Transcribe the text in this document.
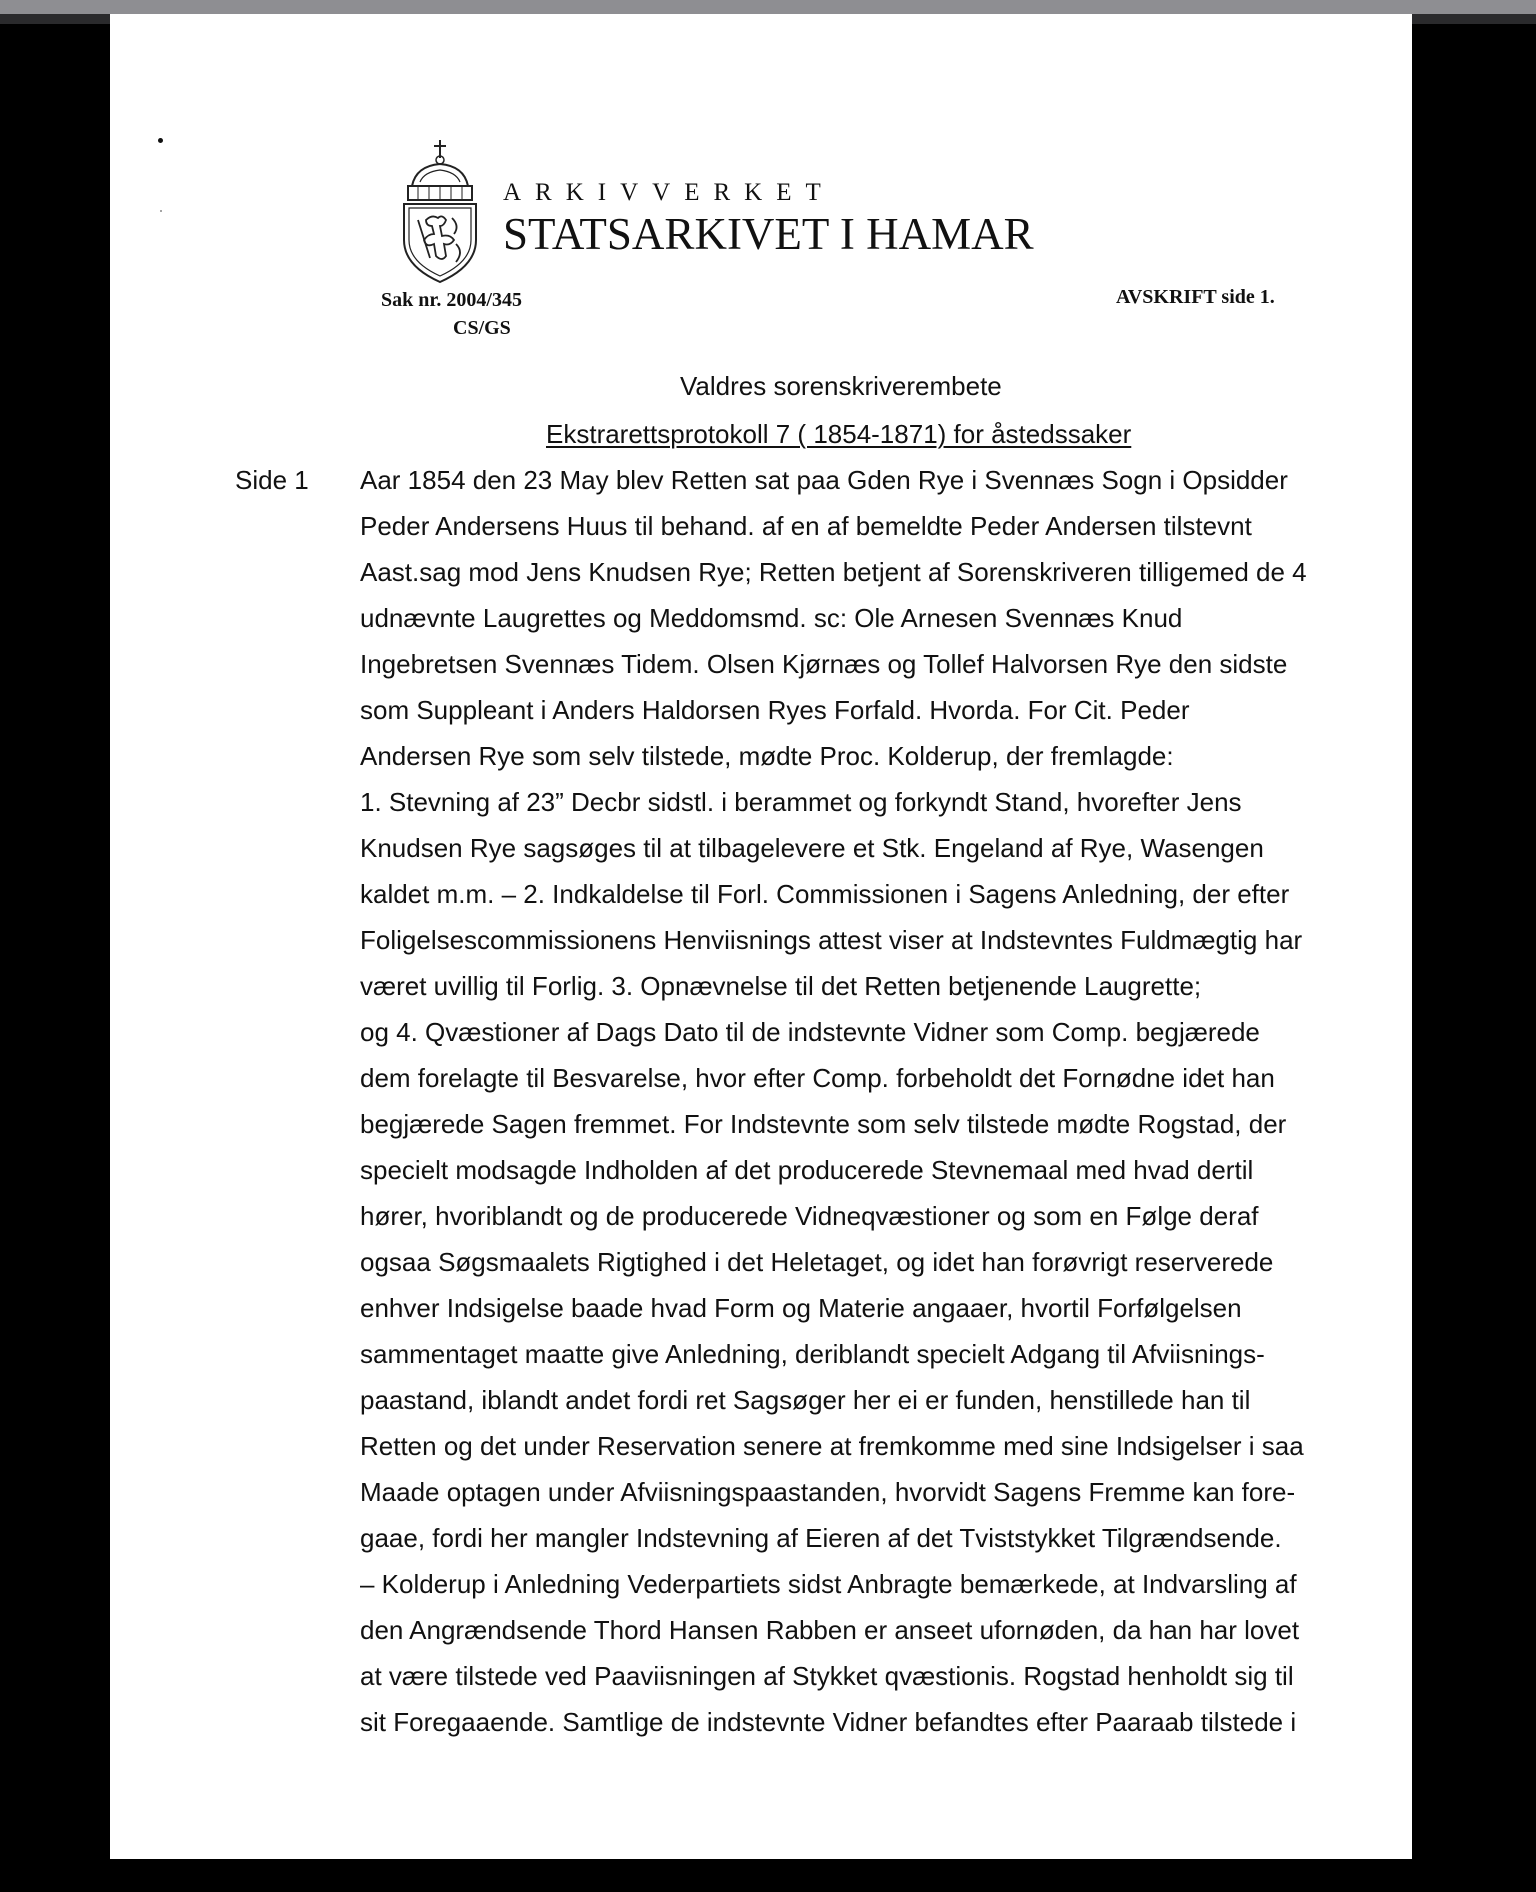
ARKIVVERKET
STATSARKIVET I HAMAR
Sak nr. 2004/345
CS/GS
AVSKRIFT side 1.
Valdres sorenskriverembete
Ekstrarettsprotokoll 7 ( 1854-1871) for åstedssaker
Side 1 Aar 1854 den 23 May blev Retten sat paa Gden Rye i Svennæs Sogn i Opsidder
Peder Andersens Huus til behand. af en af bemeldte Peder Andersen tilstevnt
Aast.sag mod Jens Knudsen Rye; Retten betjent af Sorenskriveren tilligemed de 4
udnævnte Laugrettes og Meddomsmd. sc: Ole Arnesen Svennæs Knud
Ingebretsen Svennæs Tidem. Olsen Kjørnæs og Tollef Halvorsen Rye den sidste
som Suppleant i Anders Haldorsen Ryes Forfald. Hvorda. For Cit. Peder
Andersen Rye som selv tilstede, mødte Proc. Kolderup, der fremlagde:
1. Stevning af 23” Decbr sidstl. i berammet og forkyndt Stand, hvorefter Jens
Knudsen Rye sagsøges til at tilbagelevere et Stk. Engeland af Rye, Wasengen
kaldet m.m. – 2. Indkaldelse til Forl. Commissionen i Sagens Anledning, der efter
Foligelsescommissionens Henviisnings attest viser at Indstevntes Fuldmægtig har
været uvillig til Forlig. 3. Opnævnelse til det Retten betjenende Laugrette;
og 4. Qvæstioner af Dags Dato til de indstevnte Vidner som Comp. begjærede
dem forelagte til Besvarelse, hvor efter Comp. forbeholdt det Fornødne idet han
begjærede Sagen fremmet. For Indstevnte som selv tilstede mødte Rogstad, der
specielt modsagde Indholden af det producerede Stevnemaal med hvad dertil
hører, hvoriblandt og de producerede Vidneqvæstioner og som en Følge deraf
ogsaa Søgsmaalets Rigtighed i det Heletaget, og idet han forøvrigt reserverede
enhver Indsigelse baade hvad Form og Materie angaaer, hvortil Forfølgelsen
sammentaget maatte give Anledning, deriblandt specielt Adgang til Afviisnings-
paastand, iblandt andet fordi ret Sagsøger her ei er funden, henstillede han til
Retten og det under Reservation senere at fremkomme med sine Indsigelser i saa
Maade optagen under Afviisningspaastanden, hvorvidt Sagens Fremme kan fore-
gaae, fordi her mangler Indstevning af Eieren af det Tviststykket Tilgrændsende.
– Kolderup i Anledning Vederpartiets sidst Anbragte bemærkede, at Indvarsling af
den Angrændsende Thord Hansen Rabben er anseet ufornøden, da han har lovet
at være tilstede ved Paaviisningen af Stykket qvæstionis. Rogstad henholdt sig til
sit Foregaaende. Samtlige de indstevnte Vidner befandtes efter Paaraab tilstede i
